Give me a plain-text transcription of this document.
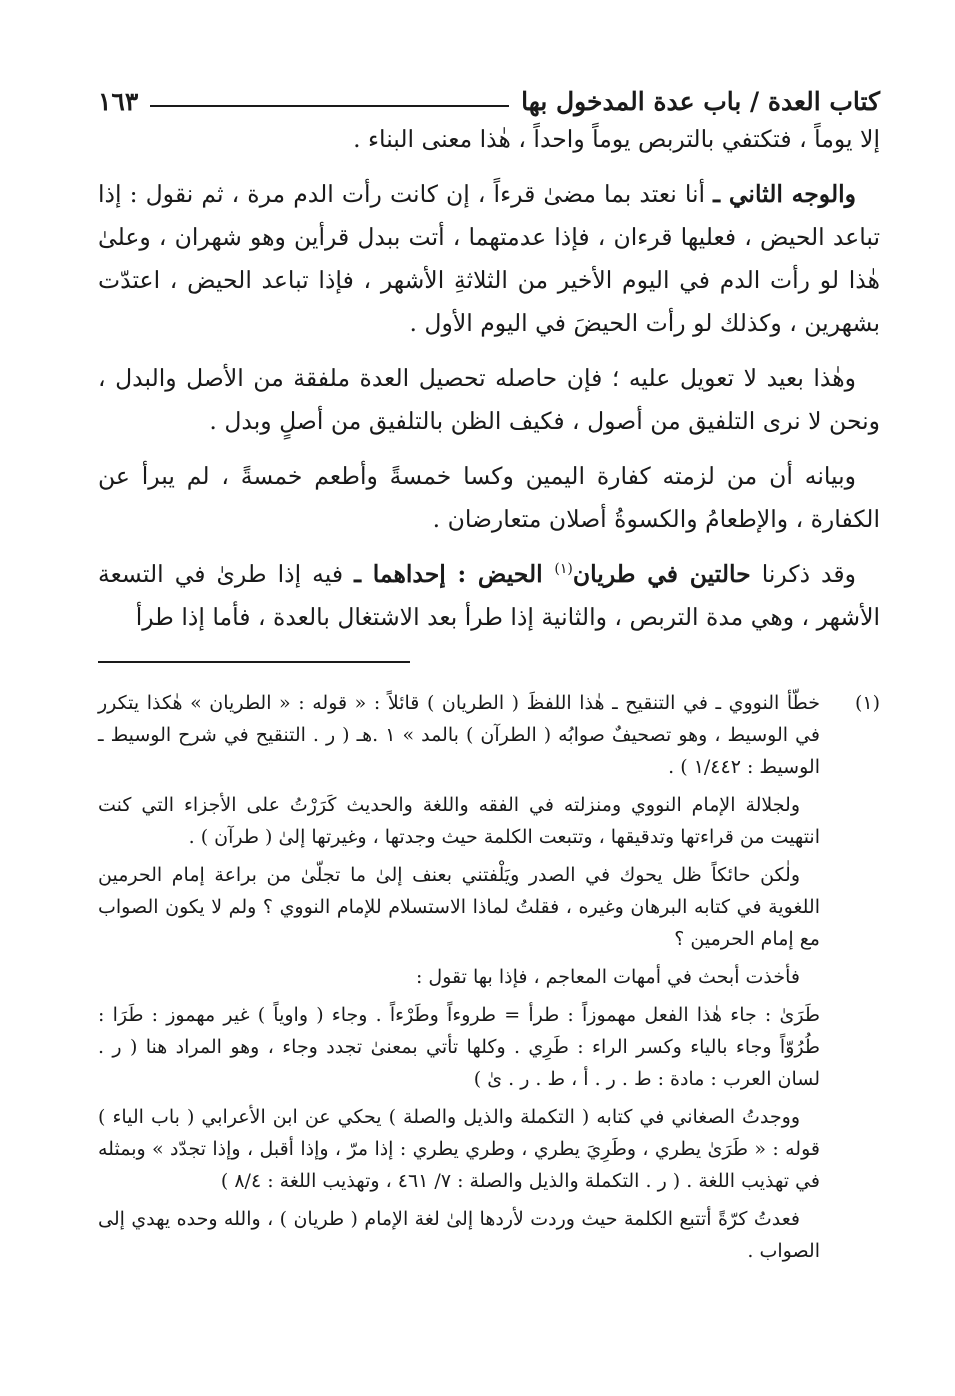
كتاب العدة / باب عدة المدخول بها
١٦٣

إلا يوماً ، فتكتفي بالتربص يوماً واحداً ، هٰذا معنى البناء .

والوجه الثاني ـ أنا نعتد بما مضىٰ قرءاً ، إن كانت رأت الدم مرة ، ثم نقول : إذا تباعد الحيض ، فعليها قرءان ، فإذا عدمتهما ، أتت ببدل قرأين وهو شهران ، وعلىٰ هٰذا لو رأت الدم في اليوم الأخير من الثلاثةِ الأشهر ، فإذا تباعد الحيض ، اعتدّت بشهرين ، وكذلك لو رأت الحيضَ في اليوم الأول .

وهٰذا بعيد لا تعويل عليه ؛ فإن حاصله تحصيل العدة ملفقة من الأصل والبدل ، ونحن لا نرى التلفيق من أصول ، فكيف الظن بالتلفيق من أصلٍ وبدل .

وبيانه أن من لزمته كفارة اليمين وكسا خمسةً وأطعم خمسةً ، لم يبرأ عن الكفارة ، والإطعامُ والكسوةُ أصلان متعارضان .

وقد ذكرنا حالتين في طريان$^{(١)}$ الحيض : إحداهما ـ فيه إذا طرىٰ في التسعة الأشهر ، وهي مدة التربص ، والثانية إذا طرأ بعد الاشتغال بالعدة ، فأما إذا طرأ

(١)

خطّأ النووي ـ في التنقيح ـ هٰذا اللفظَ ( الطريان ) قائلاً : « قوله : « الطريان » هٰكذا يتكرر في الوسيط ، وهو تصحيفٌ صوابُه ( الطرآن ) بالمد » ١ .هـ ( ر . التنقيح في شرح الوسيط ـ الوسيط : ١/٤٤٢ ) .

ولجلالة الإمام النووي ومنزلته في الفقه واللغة والحديث كَرَرْتُ على الأجزاء التي كنت انتهيت من قراءتها وتدقيقها ، وتتبعت الكلمة حيث وجدتها ، وغيرتها إلىٰ ( طرآن ) .

ولٰكن حائكاً ظل يحوك في الصدر ويَلْفتني بعنف إلىٰ ما تجلّىٰ من براعة إمام الحرمين اللغوية في كتابه البرهان وغيره ، فقلتُ لماذا الاستسلام للإمام النووي ؟ ولم لا يكون الصواب مع إمام الحرمين ؟

فأخذت أبحث في أمهات المعاجم ، فإذا بها تقول :

طَرَىٰ : جاء هٰذا الفعل مهموزاً : طرأ = طروءاً وطَرْءاً . وجاء ( واوياً ) غير مهموز : طَرَا : طُرُوّاً وجاء بالياء وكسر الراء : طَرِي . وكلها تأتي بمعنىٰ تجدد وجاء ، وهو المراد هنا ( ر . لسان العرب : مادة : ط . ر . أ ، ط . ر . ىٰ )

ووجدتُ الصغاني في كتابه ( التكملة والذيل والصلة ) يحكي عن ابن الأعرابي ( باب الياء ) قوله : « طَرَىٰ يطري ، وطَرِيَ يطري ، وطري يطري : إذا مرّ ، وإذا أقبل ، وإذا تجدّد » وبمثله في تهذيب اللغة . ( ر . التكملة والذيل والصلة : ٧/ ٤٦١ ، وتهذيب اللغة : ٨/٤ )

فعدتُ كرّةً أتتبع الكلمة حيث وردت لأردها إلىٰ لغة الإمام ( طريان ) ، والله وحده يهدي إلى الصواب .
